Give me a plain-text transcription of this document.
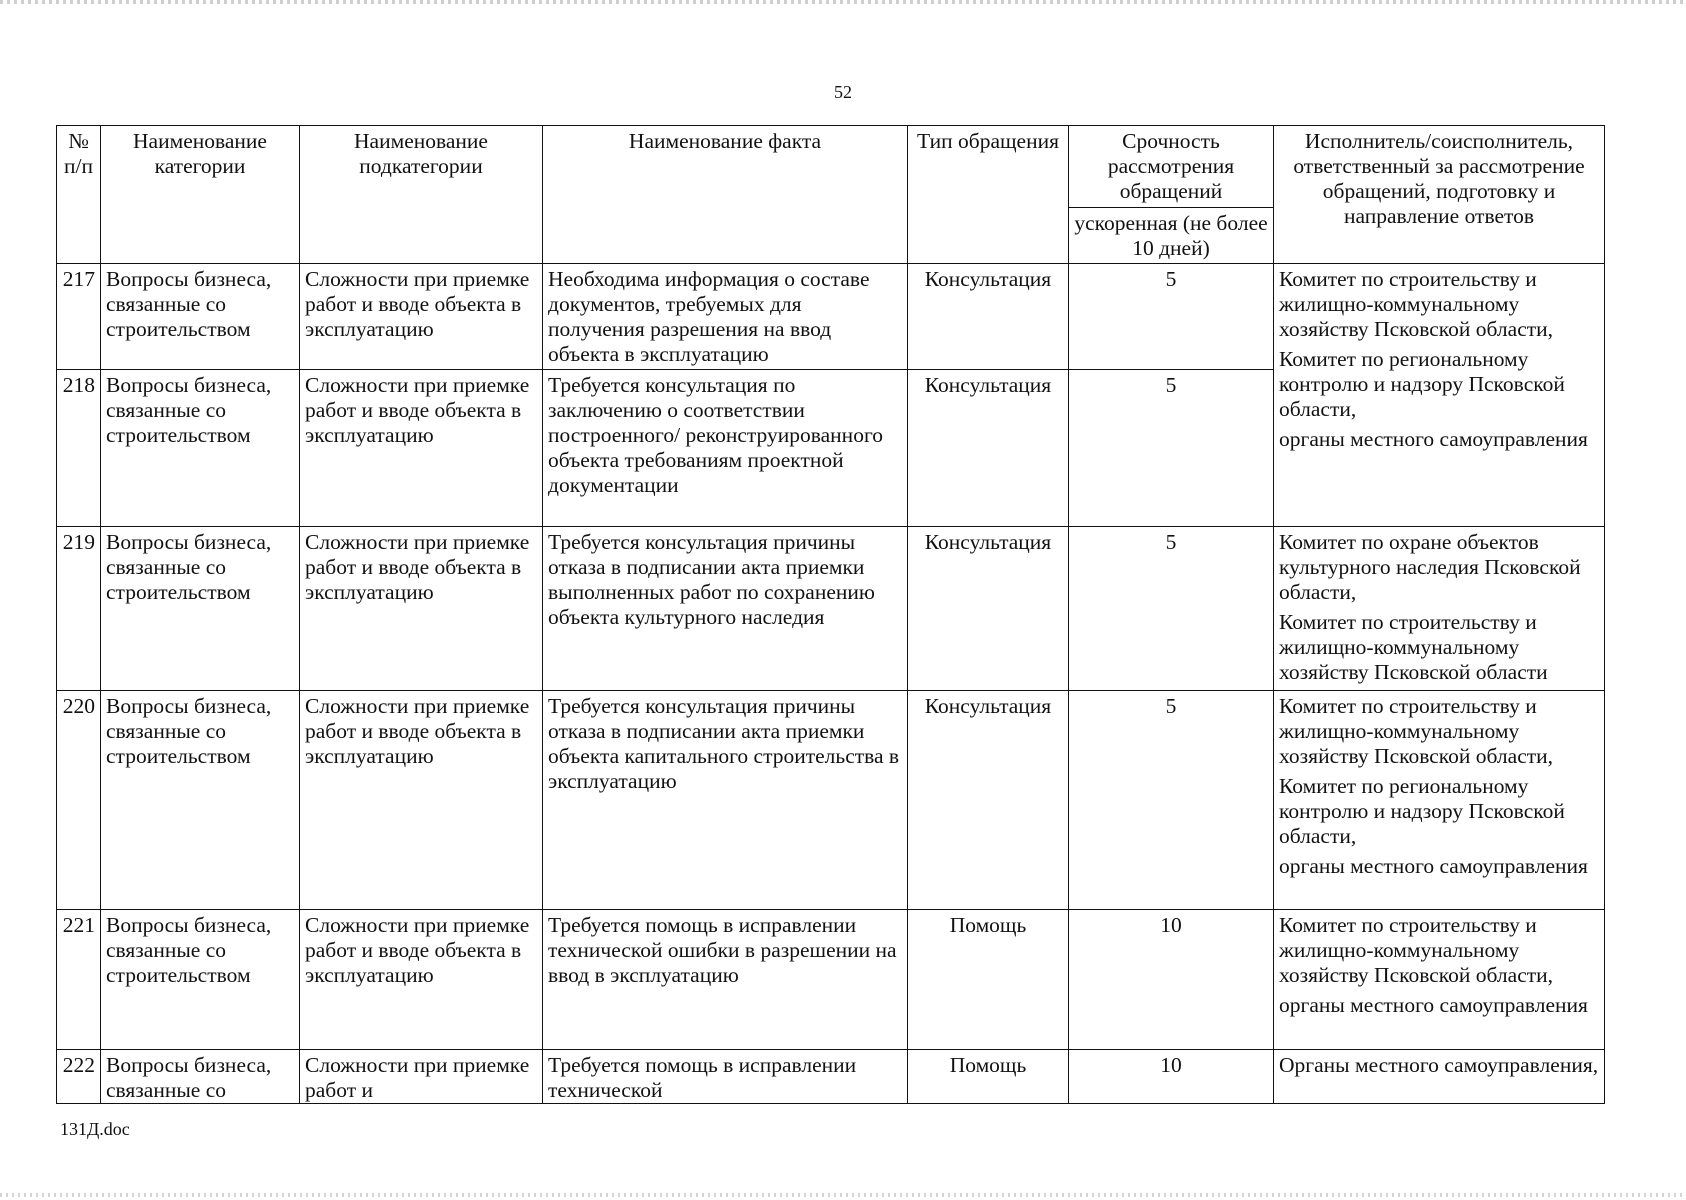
52
№ п/п	Наименование категории	Наименование подкатегории	Наименование факта	Тип обращения	Срочность рассмотрения обращений	Исполнитель/соисполнитель, ответственный за рассмотрение обращений, подготовку и направление ответов
					ускоренная (не более 10 дней)	
217	Вопросы бизнеса, связанные со строительством	Сложности при приемке работ и вводе объекта в эксплуатацию	Необходима информация о составе документов, требуемых для получения разрешения на ввод объекта в эксплуатацию	Консультация	5	Комитет по строительству и жилищно-коммунальному хозяйству Псковской области,
Комитет по региональному контролю и надзору Псковской области,
органы местного самоуправления

218	Вопросы бизнеса, связанные со строительством	Сложности при приемке работ и вводе объекта в эксплуатацию	Требуется консультация по заключению о соответствии построенного/ реконструированного объекта требованиям проектной документации	Консультация	5	
219	Вопросы бизнеса, связанные со строительством	Сложности при приемке работ и вводе объекта в эксплуатацию	Требуется консультация причины отказа в подписании акта приемки выполненных работ по сохранению объекта культурного наследия	Консультация	5	Комитет по охране объектов культурного наследия Псковской области,
Комитет по строительству и жилищно-коммунальному хозяйству Псковской области

220	Вопросы бизнеса, связанные со строительством	Сложности при приемке работ и вводе объекта в эксплуатацию	Требуется консультация причины отказа в подписании акта приемки объекта капитального строительства в эксплуатацию	Консультация	5	Комитет по строительству и жилищно-коммунальному хозяйству Псковской области,
Комитет по региональному контролю и надзору Псковской области,
органы местного самоуправления

221	Вопросы бизнеса, связанные со строительством	Сложности при приемке работ и вводе объекта в эксплуатацию	Требуется помощь в исправлении технической ошибки в разрешении на ввод в эксплуатацию	Помощь	10	Комитет по строительству и жилищно-коммунальному хозяйству Псковской области,
органы местного самоуправления

222	Вопросы бизнеса, связанные со	Сложности при приемке работ и	Требуется помощь в исправлении технической	Помощь	10	Органы местного самоуправления,
131Д.doc
